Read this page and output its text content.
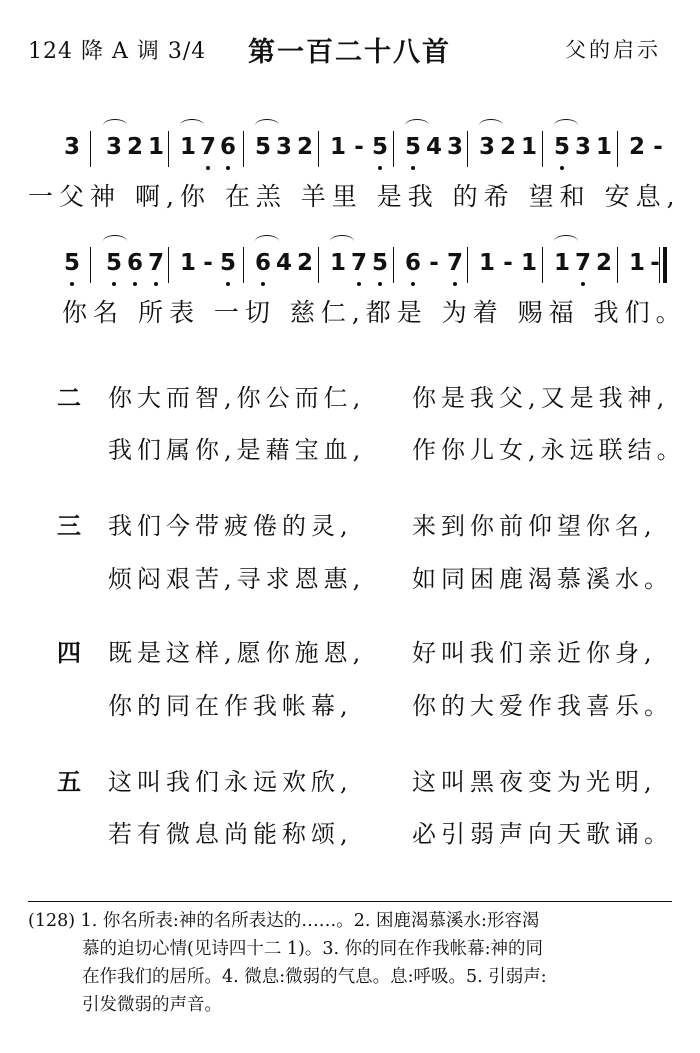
124 降 A 调 3/4 第一百二十八首	父的启示
3 3 2 1 1 7 6 5 3 2 1 - 5 5 4 3 3 2 1 5 3 1 2 -
一父神 啊,你 在羔 羊里 是我 的希 望和 安息,
5 5 6 7 1 - 5 6 4 2 1 7 5 6 - 7 1 - 1 1 7 2 1 -
你名 所表 一切 慈仁,都是 为着 赐福 我们。
二 你大而智,你公而仁, 你是我父,又是我神,
我们属你,是藉宝血, 作你儿女,永远联结。
三 我们今带疲倦的灵, 来到你前仰望你名,
烦闷艰苦,寻求恩惠, 如同困鹿渴慕溪水。
四 既是这样,愿你施恩, 好叫我们亲近你身,
你的同在作我帐幕, 你的大爱作我喜乐。
五 这叫我们永远欢欣, 这叫黑夜变为光明,
若有微息尚能称颂, 必引弱声向天歌诵。
(128) 1. 你名所表:神的名所表达的……。2. 困鹿渴慕溪水:形容渴
慕的迫切心情(见诗四十二 1)。3. 你的同在作我帐幕:神的同
在作我们的居所。4. 微息:微弱的气息。息:呼吸。5. 引弱声:
引发微弱的声音。
